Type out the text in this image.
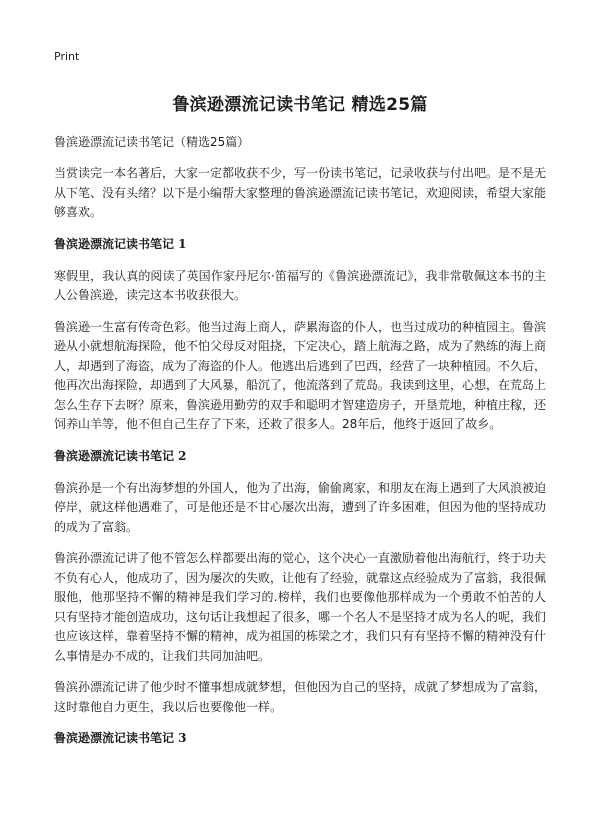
Print
鲁滨逊漂流记读书笔记 精选25篇

鲁滨逊漂流记读书笔记（精选25篇）

当赏读完一本名著后，大家一定都收获不少，写一份读书笔记，记录收获与付出吧。是不是无从下笔、没有头绪？以下是小编帮大家整理的鲁滨逊漂流记读书笔记，欢迎阅读，希望大家能够喜欢。

鲁滨逊漂流记读书笔记 1

寒假里，我认真的阅读了英国作家丹尼尔·笛福写的《鲁滨逊漂流记》，我非常敬佩这本书的主人公鲁滨逊，读完这本书收获很大。

鲁滨逊一生富有传奇色彩。他当过海上商人，萨累海盗的仆人，也当过成功的种植园主。鲁滨逊从小就想航海探险，他不怕父母反对阻挠，下定决心，踏上航海之路，成为了熟练的海上商人，却遇到了海盗，成为了海盗的仆人。他逃出后逃到了巴西，经营了一块种植园。不久后，他再次出海探险，却遇到了大风暴，船沉了，他流落到了荒岛。我读到这里，心想，在荒岛上怎么生存下去呀？原来，鲁滨逊用勤劳的双手和聪明才智建造房子，开垦荒地，种植庄稼，还饲养山羊等，他不但自己生存了下来，还救了很多人。28年后，他终于返回了故乡。

鲁滨逊漂流记读书笔记 2

鲁滨孙是一个有出海梦想的外国人，他为了出海，偷偷离家，和朋友在海上遇到了大风浪被迫停岸，就这样他遇难了，可是他还是不甘心屡次出海，遭到了许多困难，但因为他的坚持成功的成为了富翁。

鲁滨孙漂流记讲了他不管怎么样都要出海的觉心，这个决心一直激励着他出海航行，终于功夫不负有心人，他成功了，因为屡次的失败，让他有了经验，就靠这点经验成为了富翁，我很佩服他，他那坚持不懈的精神是我们学习的.榜样，我们也要像他那样成为一个勇敢不怕苦的人只有坚持才能创造成功，这句话让我想起了很多，哪一个名人不是坚持才成为名人的呢，我们也应该这样，靠着坚持不懈的精神，成为祖国的栋梁之才，我们只有有坚持不懈的精神没有什么事情是办不成的，让我们共同加油吧。

鲁滨孙漂流记讲了他少时不懂事想成就梦想，但他因为自己的坚持，成就了梦想成为了富翁，这时靠他自力更生，我以后也要像他一样。

鲁滨逊漂流记读书笔记 3
